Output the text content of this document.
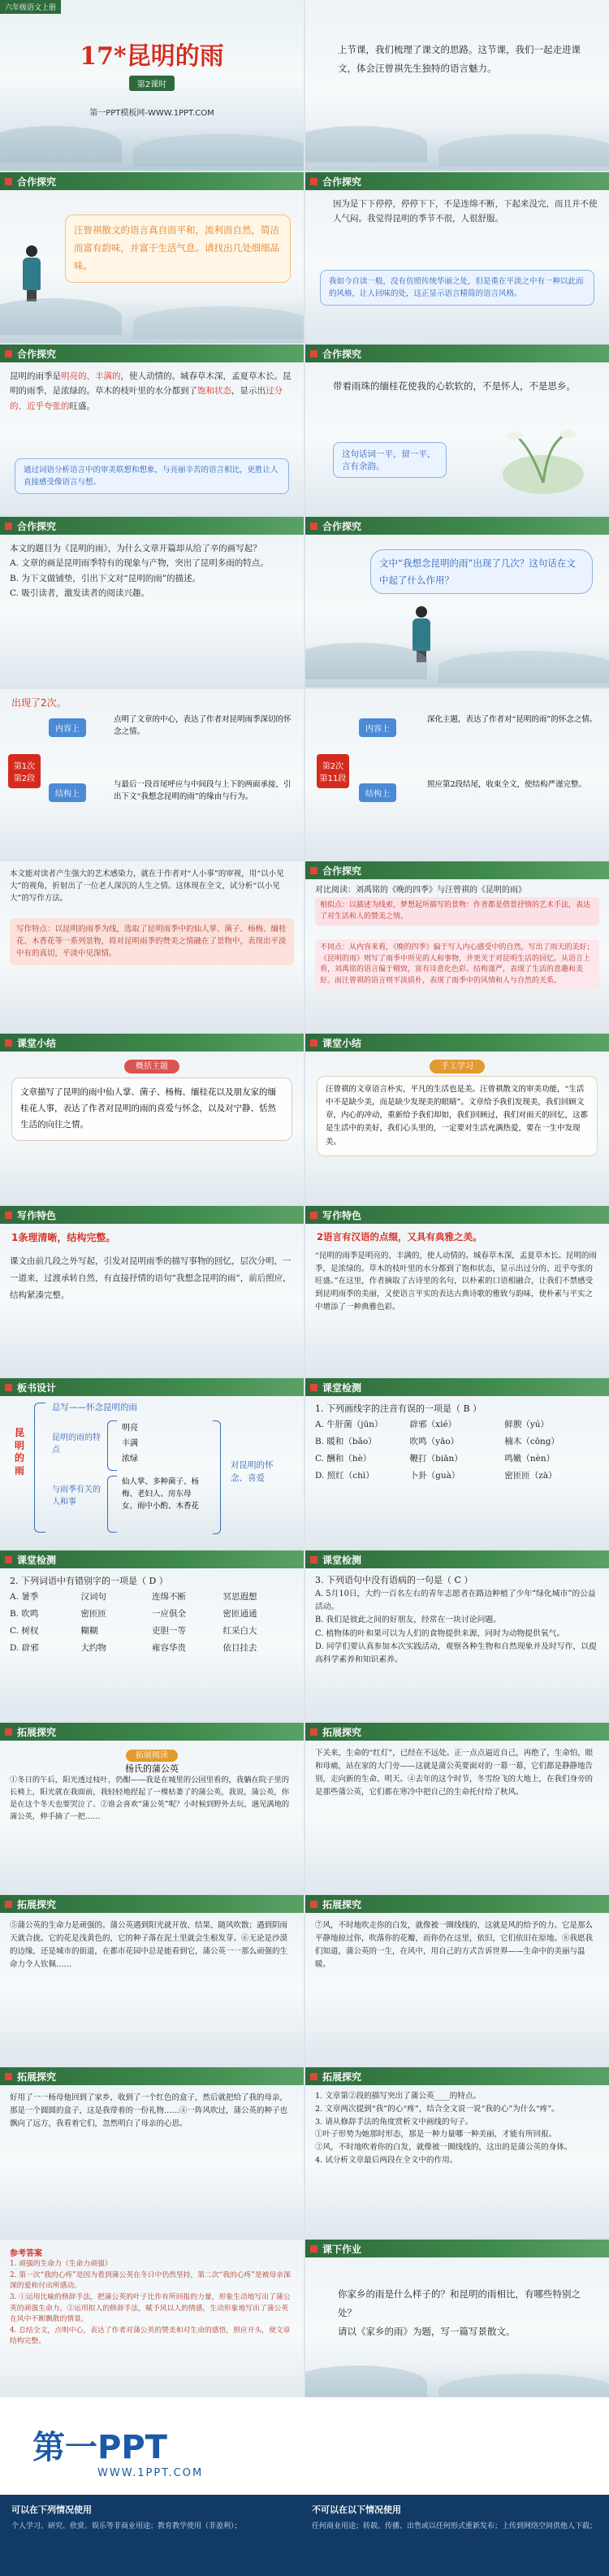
六年级语文上册
17*昆明的雨
第2课时
第一PPT模板网-WWW.1PPT.COM
上节课，我们梳理了课文的思路。这节课，我们一起走进课文，体会汪曾祺先生独特的语言魅力。
合作探究
汪曾祺散文的语言真自而平和，流利而自然，简洁而富有韵味，并富于生活气息。请找出几处细细品味。
合作探究
因为是下下停停，停停下下，不是连绵不断，下起来没完，而且并不使人气闷。我觉得昆明的季节不很，人很舒服。
我如今自读一般，没有仿照传统华丽之处，但是重在平淡之中有一种以此而的风格，让人回味的处，这正显示语言精简的语言风格。
合作探究
昆明的雨季是明亮的、丰满的，使人动情的。城春草木深，孟夏草木长。昆明的雨季，是浓绿的。草木的枝叶里的水分都到了饱和状态，显示出过分的、近乎夸张的旺盛。
通过词语分析语言中的审美联想和想象，与亮丽辛苦的语言相比，更胜让人直接感受像语言与想。
合作探究
带着雨珠的缅桂花使我的心软软的，不是怀人，不是思乡。
这句话词一平，留一平，言有余韵。
合作探究
本文的题目为《昆明的雨》，为什么文章开篇却从给了辛的画写起？
A. 文章的画是昆明雨季特有的现象与产物，突出了昆明多雨的特点。
B. 为下文做铺垫，引出下文对“昆明的雨”的描述。
C. 吸引读者，激发读者的阅读兴趣。
合作探究
文中“我想念昆明的雨”出现了几次？这句话在文中起了什么作用？
出现了2次。
第1次
第2段
内容上
结构上
点明了文章的中心，表达了作者对昆明雨季深切的怀念之情。
与最后一段首尾呼应与中间段与上下的两面承接，引出下文“我想念昆明的雨”的缘由与行为。
第2次
第11段
内容上
结构上
深化主题，表达了作者对“昆明的雨”的怀念之情。
照应第2段结尾，收束全文，使结构严谨完整。
本文能对读者产生强大的艺术感染力，就在于作者对“人小事”的审视，用“以小见大”的视角，折射出了一位老人深沉的人生之情。这体现在全文，试分析“以小见大”的写作方法。
写作特点：以昆明的雨季为线，选取了昆明雨季中的仙人掌、菌子、杨梅、缅桂花、木香花等一系列景物，将对昆明雨季的赞美之情融在了景物中，表现出平淡中有的真切，平淡中见深情。
合作探究
对比阅读：刘禹铭的《晚的四季》与汪曾祺的《昆明的雨》
相似点：以描述为线索，梦想起所描写的景物：作者都是借景抒情的艺术手法，表达了对生活和人的赞美之情。
不同点：从内容来看，《晚的四季》偏于写人内心感受中的自然，写出了雨天的美好；《昆明的雨》则写了雨季中所见的人和事物，并更关于对昆明生活的回忆。从语言上看，刘禹铭的语言偏于精致，富有诗意化色彩。结构谨严，表现了生活的意趣和美好。而汪曾祺的语言则平淡质朴，表现了雨季中的风情和人与自然的关系。
课堂小结
概括主题
文章描写了昆明的雨中仙人掌、菌子、杨梅、缅桂花以及朋友家的缅桂花人事，表达了作者对昆明的雨的喜爱与怀念，以及对宁静、恬然生活的向往之情。
课堂小结
手工学习
汪曾祺的文章语言朴实，平凡的生活也是美。汪曾祺散文的审美功能，“生活中不是缺少美，而是缺少发现美的眼睛”。文章给予我们发现美，我们回顾文章，内心的冲动，重新给予我们却如，我们回顾过，我们对雨天的回忆，这都是生活中的美好，我们心头里的，一定要对生活充满热爱，要在一生中发现美。
写作特色
1条理清晰，结构完整。
课文由前几段之外写起，引发对昆明雨季的描写事物的回忆，层次分明，一一道来，过渡承转自然，有直接抒情的语句“我想念昆明的雨”，前后照应，结构紧凑完整。
写作特色
2语言有汉语的点缀，又具有典雅之美。
“昆明的雨季是明亮的、丰满的，使人动情的。城春草木深，孟夏草木长。昆明的雨季，是浓绿的。草木的枝叶里的水分都到了饱和状态，显示出过分的、近乎夸张的旺盛。”在这里，作者摘取了古诗里的名句，以朴素的口语相融合，让我们不禁感受到昆明雨季的美丽，又使语言平实的表达古典诗歌的雅致与韵味，使朴素与平实之中增添了一种典雅色彩。
板书设计
昆明的雨
总写——怀念昆明的雨
昆明的雨的特点
与雨季有关的人和事
明亮
丰满
浓绿
仙人掌、多种菌子、杨梅、老妇人、房东母女、雨中小酌、木香花
对昆明的怀念、喜爱
课堂检测
1. 下列画线字的注音有误的一项是（ B ）
A. 牛肝菌（jūn）	辟邪（xié）	鲜腴（yú）
B. 暖和（bǎo）	吹鸣（yāo）	楠木（cōng）
C. 酬和（hè）	鞭打（biān）	鸣嫩（nèn）
D. 照红（chì）	卜卦（guà）	密匝匝（zā）
课堂检测
2. 下列词语中有错别字的一项是（ D ）
A. 暑季	汉词句	连绵不断	冥思遐想
B. 吹鸣	密匝匝	一应俱全	密匝通通
C. 树杈	糊糊	吏胆一等	红采白大
D. 辟邪	大约物	雍容华贵	依目挂去
课堂检测
3. 下列语句中没有语病的一句是（ C ）
A. 5月10日，大约一百名左右的青年志愿者在路边种植了少年“绿化城市”的公益活动。
B. 我们是彼此之间的好朋友，经常在一块讨论问题。
C. 植物体的叶和果可以为人们的食物提供来源，同时为动物提供氧气。
D. 同学们要认真参加本次实践活动，观察各种生物和自然现象并及时写作，以提高科学素养和知识素养。
拓展探究
拓展阅读
杨氏的蒲公英
①冬日的午后，阳光透过枝叶，仍酣——我是在城里的公园里看的，我躺在院子里的长椅上，阳光就在我面前，我轻轻地捏起了一棵枯萎了的蒲公英，我说，蒲公英，你是在这个冬天也要哭泣了。②谁会喜欢“蒲公英”呢？小时候到野外去玩，遇见满地的蒲公英，伸手摘了一把……
拓展探究
下关来，生命的“红灯”，已经在不远处。正一点点逼近自己，再绝了，生命怕，眼和母痛，站在家的大门旁——这就是蒲公英要面对的一幕一幕，它们都是静静地告别，走向新的生命、明天。④去年的这个时节，冬雪纷飞的大地上，在我们身旁的是那些蒲公英，它们都在寒冷中把自己的生命托付给了秋风。
拓展探究
⑤蒲公英的生命力是顽强的。蒲公英遇到阳光就开放、结果、随风吹散；遇到阴雨天就合拢。它的花是浅黄色的，它的种子落在泥土里就会生根发芽。⑥无论是沙漠的边缘，还是城市的街道，在都市花园中总是能看到它，蒲公英一一那么顽强的生命力令人钦佩……
拓展探究
⑦风，不时地吹走你的白发，就像被一圈线线的，这就是风的给予的力。它是那么平静地掠过你，吹落你的花瓣，而你仍在这里，依旧，它们依旧在原地。⑧我愿我们知道，蒲公英的一生，在风中，用自己的方式告诉世界——生命中的美丽与温暖。
拓展探究
好用了一一杨母他回到了家乡，收到了一个红色的盒子，然后就把给了我的母亲，那是一个圆圆的盒子，这是我带着的一份礼物……④一阵风吹过，蒲公英的种子也飘向了远方，我看着它们，忽然明白了母亲的心思。
拓展探究
1. 文章第②段的描写突出了蒲公英____的特点。
2. 文章两次提到“我”的心“疼”，结合全文说一说“我的心”为什么“疼”。
3. 请从修辞手法的角度赏析文中画线的句子。
①叶子形势为她那时形态，那是一种力量哪一种美丽，才能有所回报。
②风，不时地吹着你的白发，就像被一圈线线的，这出的是蒲公英的身体。
4. 试分析文章最后两段在全文中的作用。
参考答案
1. 顽强的生命力（生命力顽强）
2. 第一次“我的心疼”是因为看到蒲公英在冬日中仍然坚持，第二次“我的心疼”是被母亲深深的爱和付出所感动。
3. ①运用比喻的修辞手法，把蒲公英的叶子比作有所回报的力量，形象生动地写出了蒲公英的顽强生命力。②运用拟人的修辞手法，赋予风以人的情感，生动形象地写出了蒲公英在风中不断飘散的情景。
4. 总结全文，点明中心，表达了作者对蒲公英的赞美和对生命的感悟，照应开头，使文章结构完整。
课下作业
你家乡的雨是什么样子的？和昆明的雨相比，有哪些特别之处？
请以《家乡的雨》为题，写一篇写景散文。
第一PPT
WWW.1PPT.COM
可以在下列情况使用
个人学习、研究、欣赏、娱乐等非商业用途；教育教学使用（非盈利）；
不可以在以下情况使用
任何商业用途；转载、传播、出售或以任何形式重新发布；上传到网络空间供他人下载；
